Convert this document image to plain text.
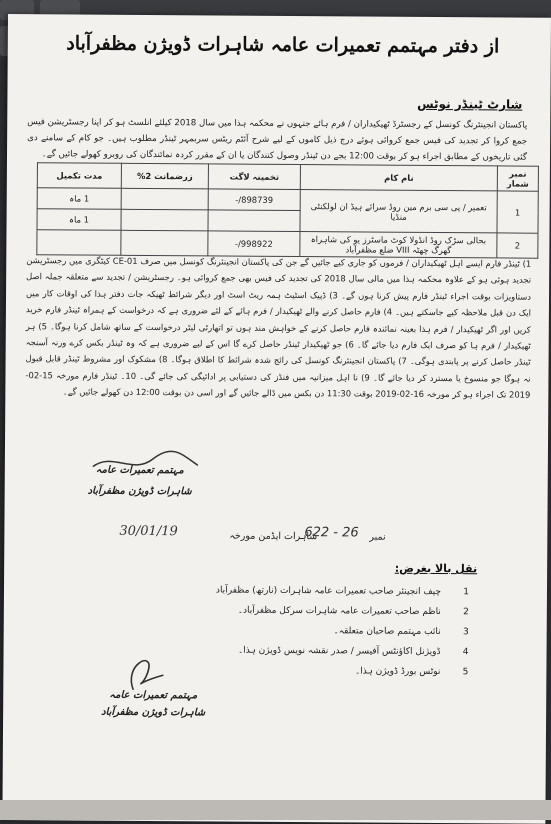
از دفتر مہتمم تعمیرات عامہ شاہرات ڈویژن مظفرآباد
شارٹ ٹینڈر نوٹس
پاکستان انجینئرنگ کونسل کے رجسٹرڈ ٹھیکیداران / فرم ہائے جنہوں نے محکمہ ہذا میں سال 2018 کیلئے انلسٹ ہو کر اپنا رجسٹریشن فیس جمع کروا کر تجدید کی فیس جمع کروائی ہوئے درج ذیل کاموں کے لیے شرح آئٹم ریٹس سربمہر ٹینڈر مطلوب ہیں۔ جو کام کے سامنے دی گئی تاریخوں کے مطابق اجراء ہو کر بوقت 12:00 بجے دن ٹینڈر وصول کنندگان یا ان کے مقرر کردہ نمائندگان کی روبرو کھولے جائیں گے۔
نمبر شمار	نام کام	تخمینہ لاگت	زرضمانت 2%	مدت تکمیل
1	تعمیر / پی سی برم مین روڈ سرائے ہیڈ ان لولکنٹی منڈیا	898739/-		1 ماہ
				1 ماہ
2	بحالی سڑک روڈ انڈولا کوٹ ماسٹرز یو کی شاہراہ گھرگ چھٹہ VIII ضلع مظفرآباد	998922/-		
1) ٹینڈر فارم ایسے اہل ٹھیکیداران / فرموں کو جاری کیے جائیں گے جن کی پاکستان انجینئرنگ کونسل میں صرف CE-01 کیٹگری میں رجسٹریشن تجدید ہوئی ہو کے علاوہ محکمہ ہذا میں مالی سال 2018 کی تجدید کی فیس بھی جمع کروائی ہو۔ رجسٹریشن / تجدید سے متعلقہ جملہ اصل دستاویزات بوقت اجراء ٹینڈر فارم پیش کرنا ہوں گے۔ 3) ڈپیک اسٹیٹ ہمہ ریٹ اسٹ اور دیگر شرائط ٹھیکہ جات دفتر ہذا کی اوقات کار میں ایک دن قبل ملاحظہ کیے جاسکتے ہیں۔ 4) فارم حاصل کرنے والے ٹھیکیدار / فرم ہائے کے لئے ضروری ہے کہ درخواست کے ہمراہ ٹینڈر فارم خرید کریں اور اگر ٹھیکیدار / فرم ہذا بعینہ نمائندہ فارم حاصل کرنے کے خواہش مند ہوں تو اتھارٹی لیٹر درخواست کے ساتھ شامل کرنا ہوگا۔ 5) ہر ٹھیکیدار / فرم ہا کو صرف ایک فارم دیا جائے گا۔ 6) جو ٹھیکیدار ٹینڈر حاصل کرے گا اس کے لیے ضروری ہے کہ وہ ٹینڈر بکس کرے ورنہ آسنجہ ٹینڈر حاصل کرنے پر پابندی ہوگی۔ 7) پاکستان انجینئرنگ کونسل کی رائج شدہ شرائط کا اطلاق ہوگا۔ 8) مشکوک اور مشروط ٹینڈر قابل قبول نہ ہوگا جو منسوخ یا مسترد کر دیا جائے گا۔ 9) نا اہل میزانیہ میں فنڈز کی دستیابی پر ادائیگی کی جائے گی۔ 10۔ ٹینڈر فارم مورخہ 15-02-2019 تک اجراء ہو کر مورخہ 16-02-2019 بوقت 11:30 دن بکس میں ڈالے جائیں گے اور اسی دن بوقت 12:00 دن کھولے جائیں گے۔
مہتمم تعمیرات عامہ
شاہرات ڈویژن مظفرآباد
30/01/19	شاہرات ایڈمن مورخہ
622 - 26 نمبر
نقل بالا بغرض:
چیف انجینئر صاحب تعمیرات عامہ شاہرات (نارتھ) مظفرآباد	1
ناظم صاحب تعمیرات عامہ شاہرات سرکل مظفرآباد۔	2
نائب مہتمم صاحبان متعلقہ۔	3
ڈویژنل اکاؤنٹس آفیسر / صدر نقشہ نویس ڈویژن ہذا۔	4
نوٹس بورڈ ڈویژن ہذا۔	5
مہتمم تعمیرات عامہ
شاہرات ڈویژن مظفرآباد
